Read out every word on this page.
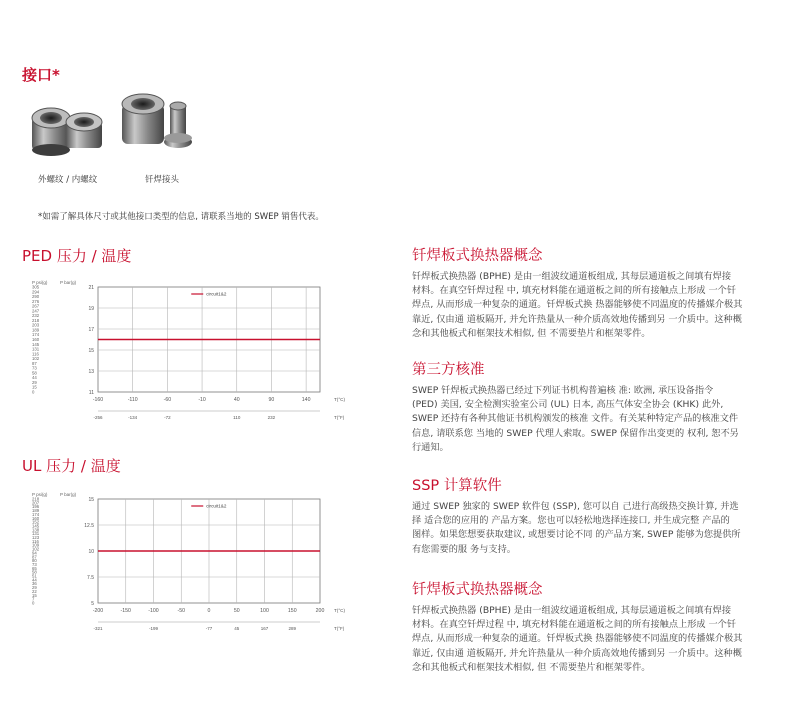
接口*
外螺纹 / 内螺纹	钎焊接头
*如需了解具体尺寸或其他接口类型的信息, 请联系当地的 SWEP 销售代表。
PED 压力 / 温度
P psi(g)	P bar(g)
305
294
290
276
267
247
232
218
203
189
174
160
145
131
116
102
87
73
58
44
29
15
0
21
19
17
15
13
11
-160	-110	-60	-10	40	90	140	T(°C)
-256	-134	-72	110	232	T(°F)
circuit1&2
UL 压力 / 温度
P psi(g)	P bar(g)
218
207
196
189
174
160
152
145
138
131
123
116
109
102
94
87
80
73
65
58
51
44
36
29
22
15
7
0
15
12.5
10
7.5
5
-200	-150	-100	-50	0	50	100	150	200 T(°C)
-321	-199	-77	45	167	289	T(°F)
circuit1&2
钎焊板式换热器概念
钎焊板式换热器 (BPHE) 是由一组波纹通道板组成, 其每层通道板之间填有焊接
材料。在真空钎焊过程 中, 填充材料能在通道板之间的所有接触点上形成 一个钎
焊点, 从而形成一种复杂的通道。钎焊板式换 热器能够使不同温度的传播媒介极其
靠近, 仅由通 道板隔开, 并允许热量从一种介质高效地传播到另 一介质中。这种概
念和其他板式和框架技术相似, 但 不需要垫片和框架零件。
第三方核准
SWEP 钎焊板式换热器已经过下列证书机构普遍核 准: 欧洲, 承压设备指令
(PED) 美国, 安全检测实验室公司 (UL) 日本, 高压气体安全协会 (KHK) 此外,
SWEP 还持有各种其他证书机构颁发的核准 文件。有关某种特定产品的核准文件
信息, 请联系您 当地的 SWEP 代理人索取。SWEP 保留作出变更的 权利, 恕不另
行通知。
SSP 计算软件
通过 SWEP 独家的 SWEP 软件包 (SSP), 您可以自 己进行高级热交换计算, 并选
择 适合您的应用的 产品方案。您也可以轻松地选择连接口, 并生成完整 产品的
图样。如果您想要获取建议, 或想要讨论不同 的产品方案, SWEP 能够为您提供所
有您需要的服 务与支持。
钎焊板式换热器概念
钎焊板式换热器 (BPHE) 是由一组波纹通道板组成, 其每层通道板之间填有焊接
材料。在真空钎焊过程 中, 填充材料能在通道板之间的所有接触点上形成 一个钎
焊点, 从而形成一种复杂的通道。钎焊板式换 热器能够使不同温度的传播媒介极其
靠近, 仅由通 道板隔开, 并允许热量从一种介质高效地传播到另 一介质中。这种概
念和其他板式和框架技术相似, 但 不需要垫片和框架零件。
